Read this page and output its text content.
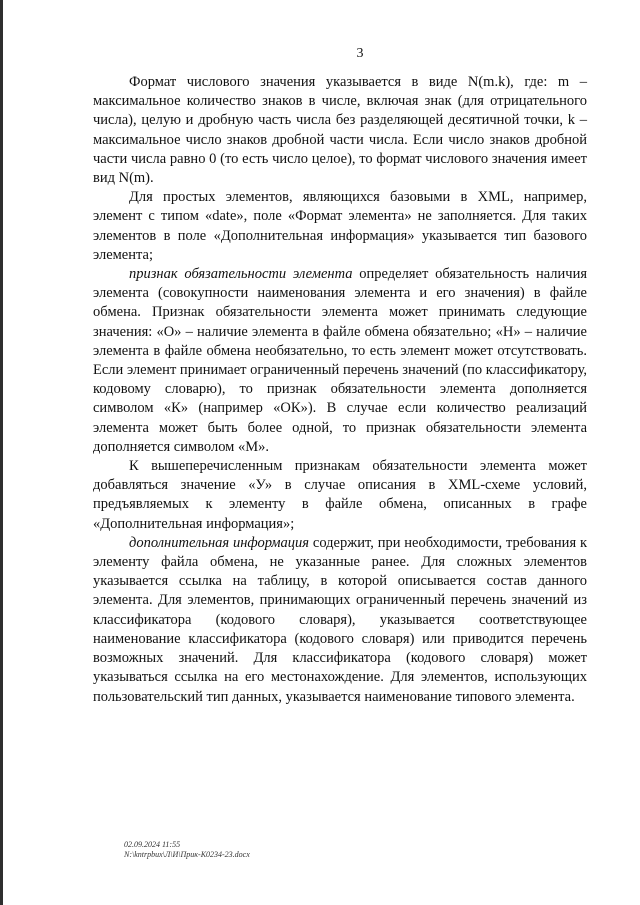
3

Формат числового значения указывается в виде N(m.k), где: m – максимальное количество знаков в числе, включая знак (для отрицательного числа), целую и дробную часть числа без разделяющей десятичной точки, k – максимальное число знаков дробной части числа. Если число знаков дробной части числа равно 0 (то есть число целое), то формат числового значения имеет вид N(m).

Для простых элементов, являющихся базовыми в XML, например, элемент с типом «date», поле «Формат элемента» не заполняется. Для таких элементов в поле «Дополнительная информация» указывается тип базового элемента;

признак обязательности элемента определяет обязательность наличия элемента (совокупности наименования элемента и его значения) в файле обмена. Признак обязательности элемента может принимать следующие значения: «О» – наличие элемента в файле обмена обязательно; «Н» – наличие элемента в файле обмена необязательно, то есть элемент может отсутствовать. Если элемент принимает ограниченный перечень значений (по классификатору, кодовому словарю), то признак обязательности элемента дополняется символом «К» (например «ОК»). В случае если количество реализаций элемента может быть более одной, то признак обязательности элемента дополняется символом «М».

К вышеперечисленным признакам обязательности элемента может добавляться значение «У» в случае описания в XML-схеме условий, предъявляемых к элементу в файле обмена, описанных в графе «Дополнительная информация»;

дополнительная информация содержит, при необходимости, требования к элементу файла обмена, не указанные ранее. Для сложных элементов указывается ссылка на таблицу, в которой описывается состав данного элемента. Для элементов, принимающих ограниченный перечень значений из классификатора (кодового словаря), указывается соответствующее наименование классификатора (кодового словаря) или приводится перечень возможных значений. Для классификатора (кодового словаря) может указываться ссылка на его местонахождение. Для элементов, использующих пользовательский тип данных, указывается наименование типового элемента.

02.09.2024 11:55
N:\kntrpbux\Л\И\Прик-К0234-23.docx
